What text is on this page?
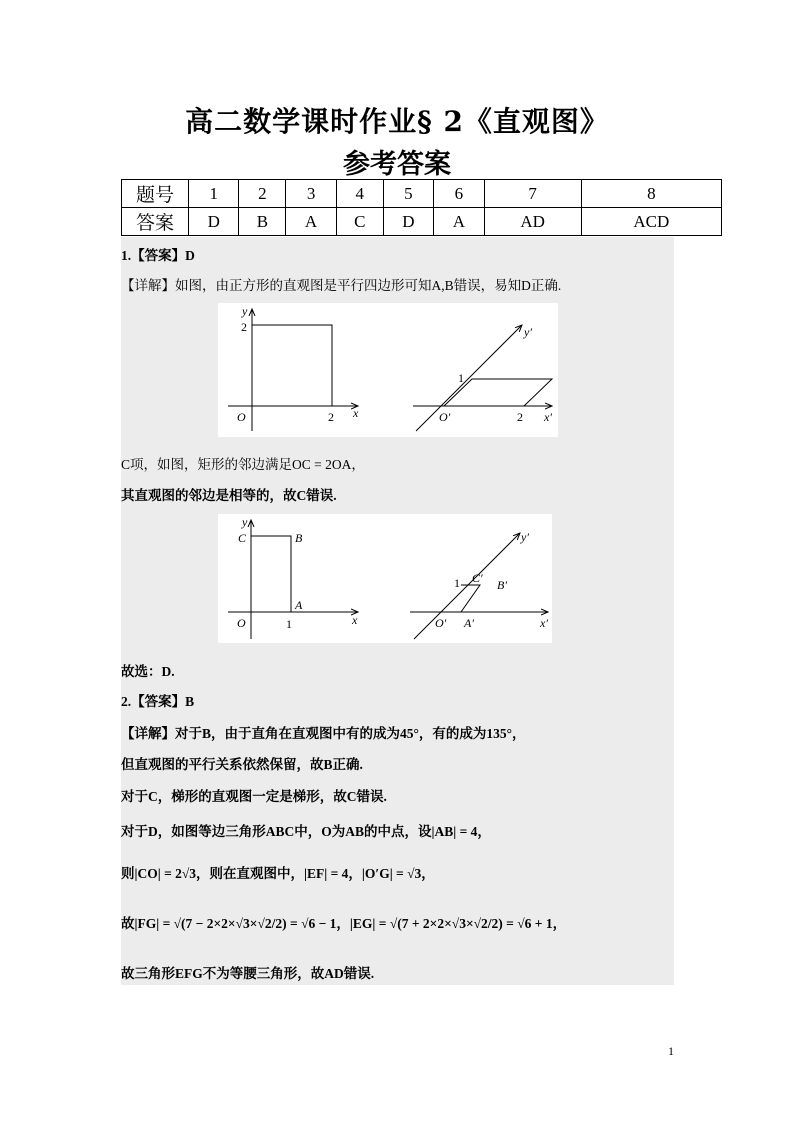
高二数学课时作业§ 2《直观图》
参考答案
题号	1	2	3	4	5	6	7	8
答案	D	B	A	C	D	A	AD	ACD
1.【答案】D
【详解】如图，由正方形的直观图是平行四边形可知A,B错误，易知D正确.
y
2
O	2 x
1
y′
O′	2 x′
C项，如图，矩形的邻边满足OC = 2OA，
其直观图的邻边是相等的，故C错误.
y
C	B
A
O	1	x
1 C′ B′
y′
O′ A′	x′
故选：D.
2.【答案】B
【详解】对于B，由于直角在直观图中有的成为45°，有的成为135°，
但直观图的平行关系依然保留，故B正确.
对于C，梯形的直观图一定是梯形，故C错误.
对于D，如图等边三角形ABC中，O为AB的中点，设|AB| = 4，
则|CO| = 2√3，则在直观图中，|EF| = 4，|O′G| = √3，
故|FG| = √(7 − 2×2×√3×√2/2) = √6 − 1，|EG| = √(7 + 2×2×√3×√2/2) = √6 + 1，
故三角形EFG不为等腰三角形，故AD错误.
1
